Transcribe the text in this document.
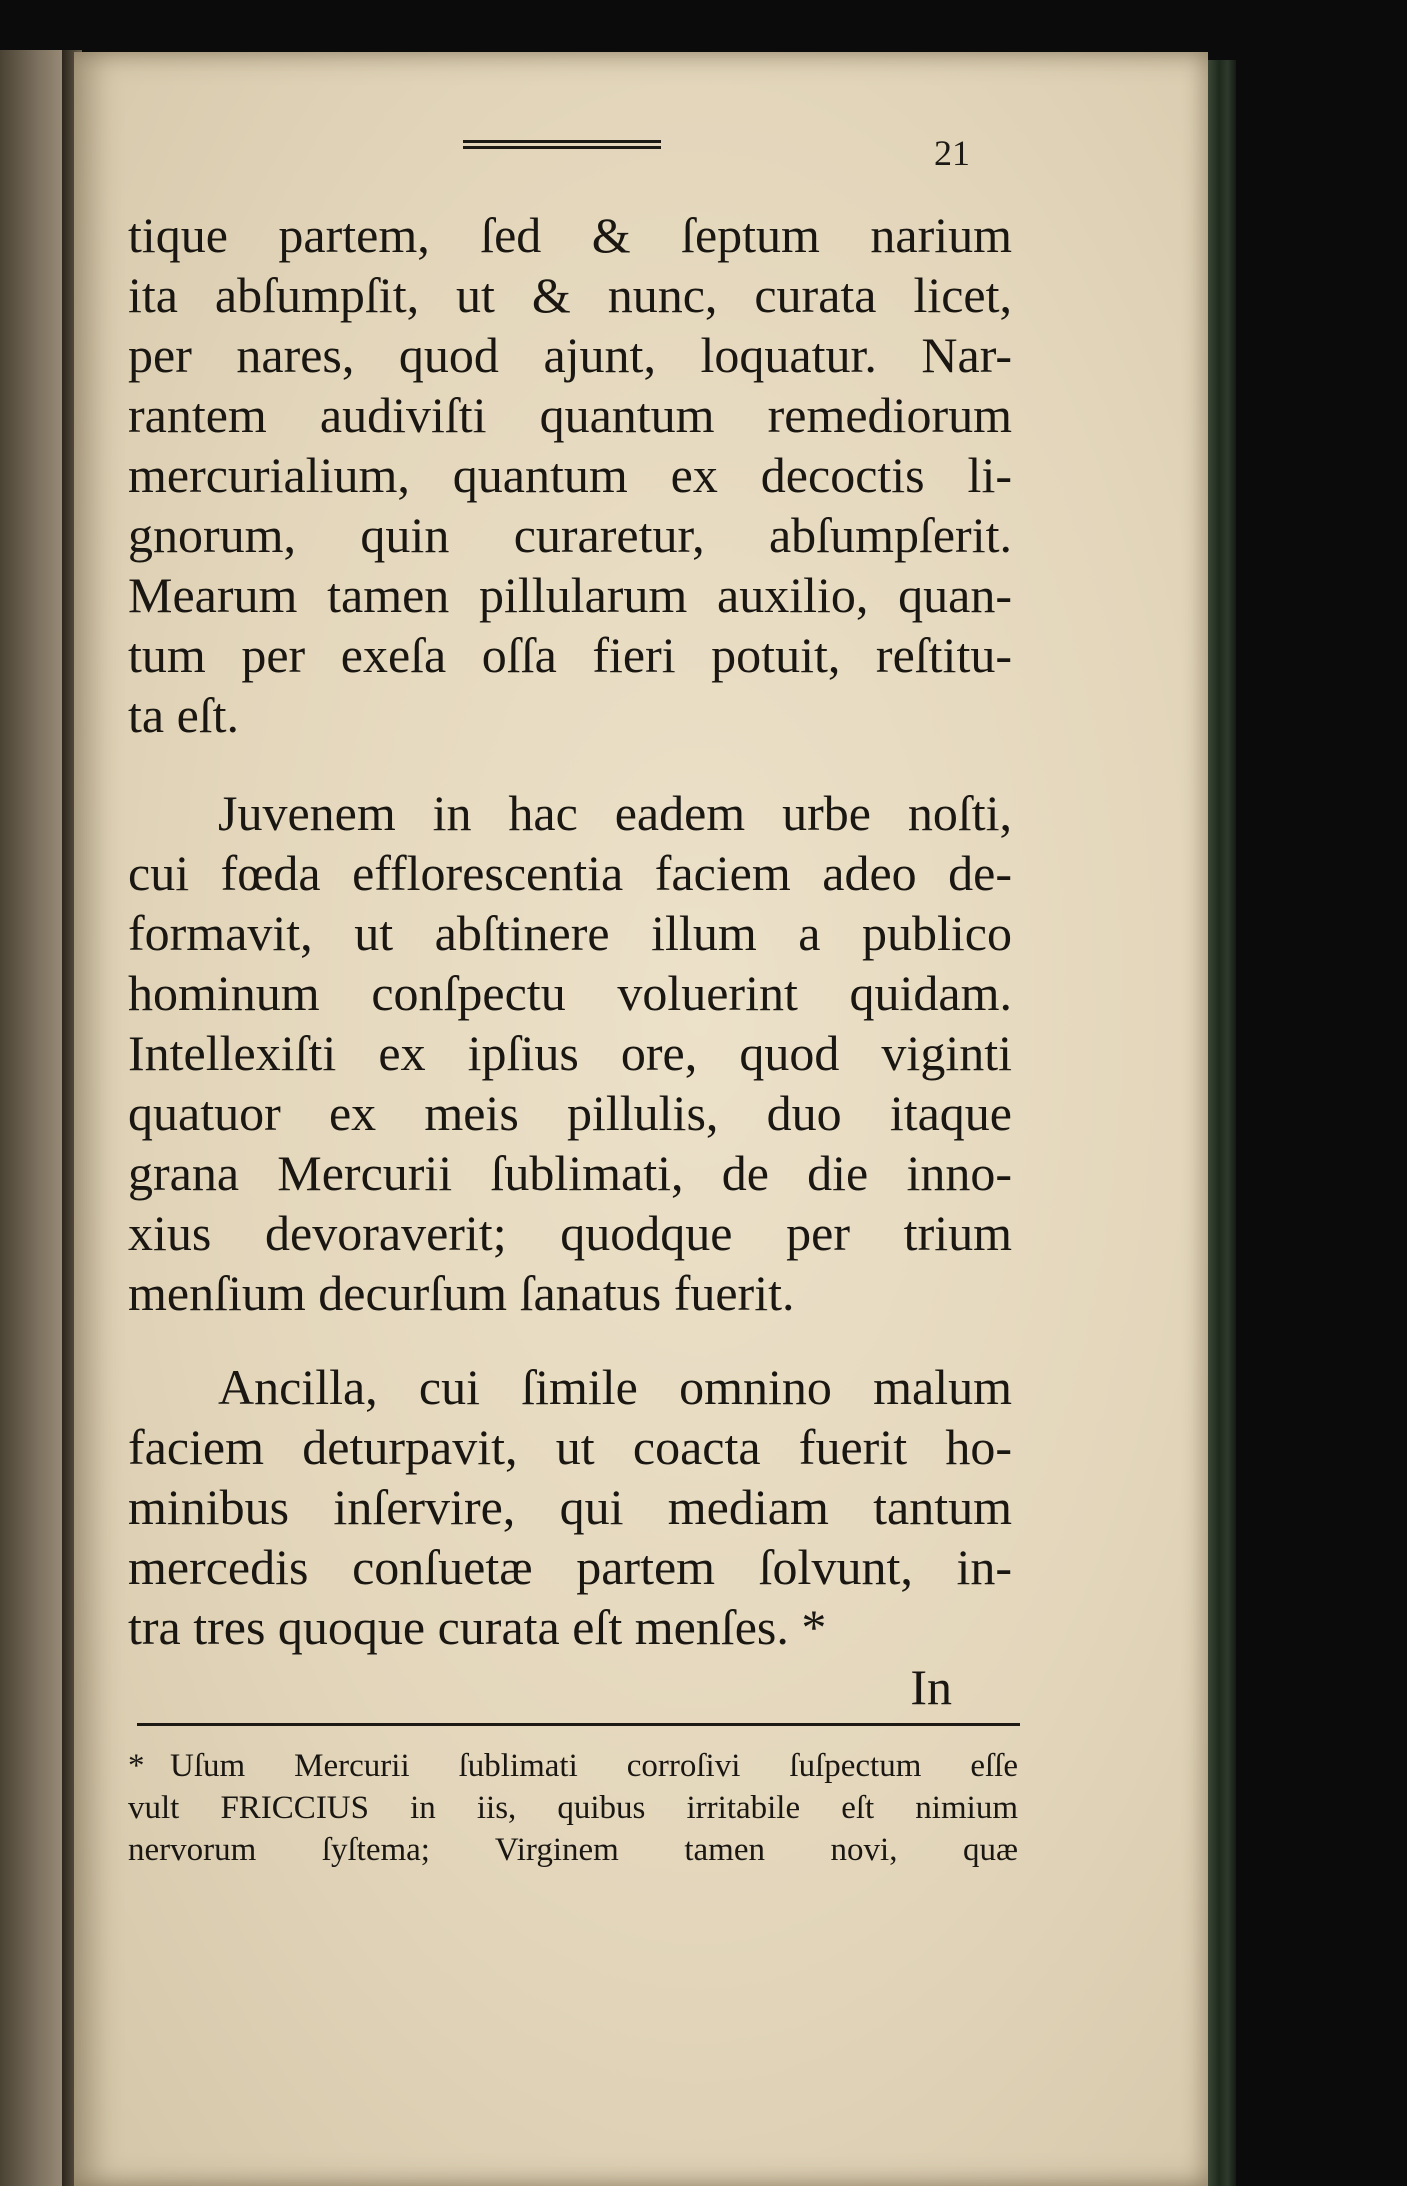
21
tique partem, ſed & ſeptum narium
ita abſumpſit, ut & nunc, curata licet,
per nares, quod ajunt, loquatur. Nar-
rantem audiviſti quantum remediorum
mercurialium, quantum ex decoctis li-
gnorum, quin curaretur, abſumpſerit.
Mearum tamen pillularum auxilio, quan-
tum per exeſa oſſa fieri potuit, reſtitu-
ta eſt.
Juvenem in hac eadem urbe noſti,
cui fœda efflorescentia faciem adeo de-
formavit, ut abſtinere illum a publico
hominum conſpectu voluerint quidam.
Intellexiſti ex ipſius ore, quod viginti
quatuor ex meis pillulis, duo itaque
grana Mercurii ſublimati, de die inno-
xius devoraverit; quodque per trium
menſium decurſum ſanatus fuerit.
Ancilla, cui ſimile omnino malum
faciem deturpavit, ut coacta fuerit ho-
minibus inſervire, qui mediam tantum
mercedis conſuetæ partem ſolvunt, in-
tra tres quoque curata eſt menſes. *
In
* Uſum Mercurii ſublimati corroſivi ſuſpectum eſſe
vult FRICCIUS in iis, quibus irritabile eſt nimium
nervorum ſyſtema; Virginem tamen novi, quæ
